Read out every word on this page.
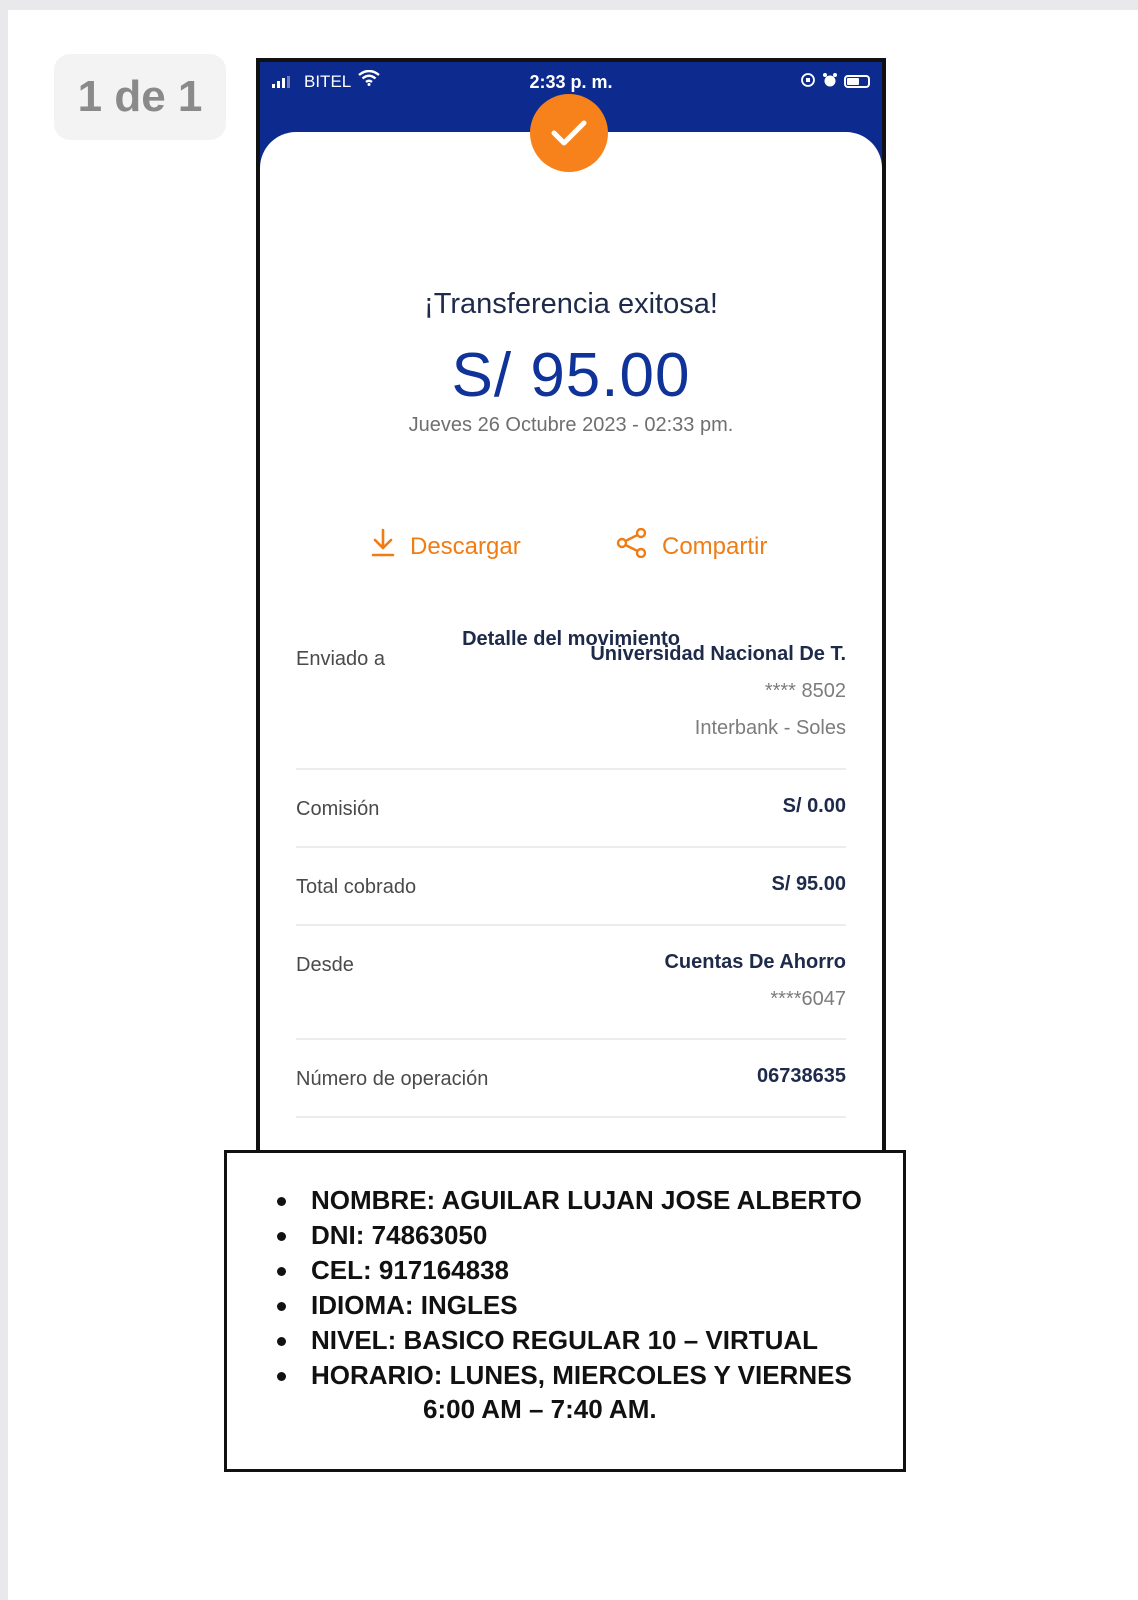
1 de 1	BITEL	2:33 p. m.
¡Transferencia exitosa!
S/ 95.00
Jueves 26 Octubre 2023 - 02:33 pm.
Descargar	Compartir
Detalle del movimiento
Enviado a	Universidad Nacional De T.
**** 8502
Interbank - Soles
Comisión	S/ 0.00
Total cobrado	S/ 95.00
Desde	Cuentas De Ahorro
****6047
Número de operación	06738635
NOMBRE: AGUILAR LUJAN JOSE ALBERTO
DNI: 74863050
CEL: 917164838
IDIOMA: INGLES
NIVEL: BASICO REGULAR 10 – VIRTUAL
HORARIO: LUNES, MIERCOLES Y VIERNES
6:00 AM – 7:40 AM.
